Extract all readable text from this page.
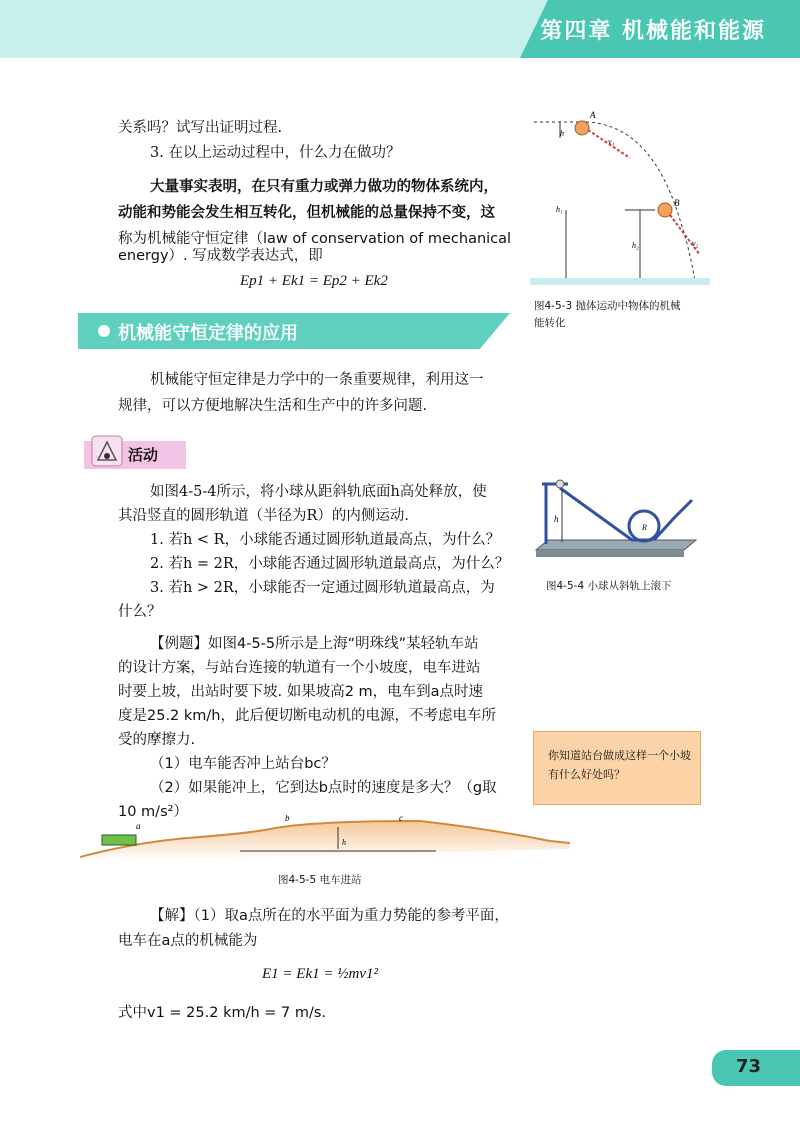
第四章 机械能和能源
关系吗？试写出证明过程.
3. 在以上运动过程中，什么力在做功？
大量事实表明，在只有重力或弹力做功的物体系统内，
动能和势能会发生相互转化，但机械能的总量保持不变，这
称为机械能守恒定律（law of conservation of mechanical
energy）. 写成数学表达式，即
Ep1 + Ek1 = Ep2 + Ek2
A
h
v₁
B
h₁
h₂	v₂
图4-5-3 抛体运动中物体的机械
能转化
机械能守恒定律的应用
机械能守恒定律是力学中的一条重要规律，利用这一
规律，可以方便地解决生活和生产中的许多问题.
活动
如图4-5-4所示，将小球从距斜轨底面h高处释放，使
其沿竖直的圆形轨道（半径为R）的内侧运动.
1. 若h < R，小球能否通过圆形轨道最高点，为什么？
2. 若h = 2R，小球能否通过圆形轨道最高点，为什么？
3. 若h > 2R，小球能否一定通过圆形轨道最高点，为
什么？
h
R
图4-5-4 小球从斜轨上滚下
【例题】如图4-5-5所示是上海“明珠线”某轻轨车站
的设计方案，与站台连接的轨道有一个小坡度，电车进站
时要上坡，出站时要下坡. 如果坡高2 m，电车到a点时速
度是25.2 km/h，此后便切断电动机的电源，不考虑电车所
受的摩擦力.
（1）电车能否冲上站台bc？
（2）如果能冲上，它到达b点时的速度是多大？（g取
10 m/s²）
你知道站台做成这样一个小坡有什么好处吗？
a
b	c
h
图4-5-5 电车进站
【解】（1）取a点所在的水平面为重力势能的参考平面，
电车在a点的机械能为
E1 = Ek1 = ½mv1²
式中v1 = 25.2 km/h = 7 m/s.
73
